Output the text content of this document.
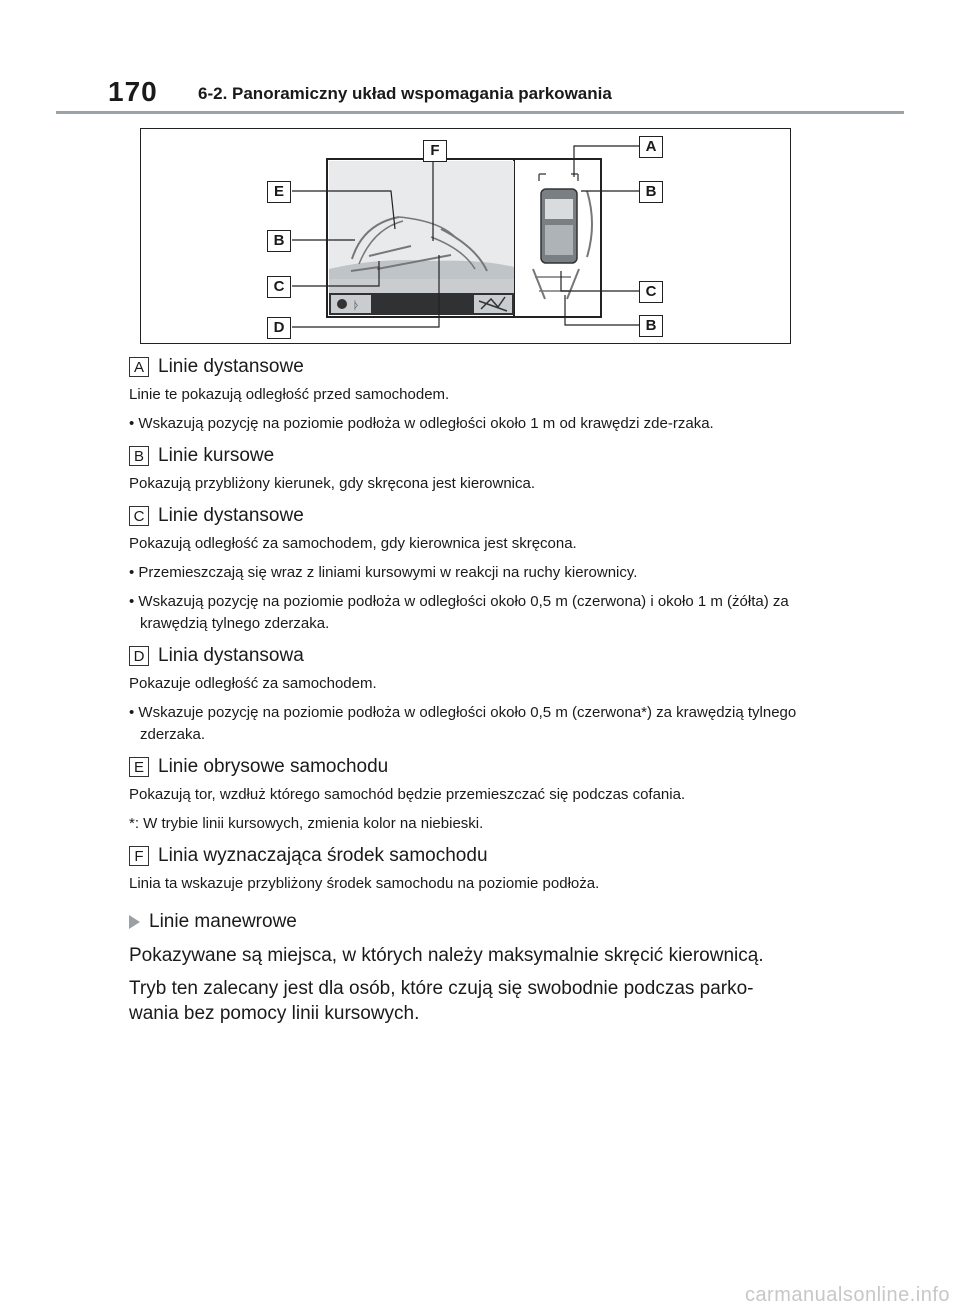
170 6-2. Panoramiczny układ wspomagania parkowania
ᚦ
F
E
B
C
D
A
B
C
B
A Linie dystansowe

Linie te pokazują odległość przed samochodem.

• Wskazują pozycję na poziomie podłoża w odległości około 1 m od krawędzi zde-rzaka.

B Linie kursowe

Pokazują przybliżony kierunek, gdy skręcona jest kierownica.

C Linie dystansowe

Pokazują odległość za samochodem, gdy kierownica jest skręcona.

• Przemieszczają się wraz z liniami kursowymi w reakcji na ruchy kierownicy.

• Wskazują pozycję na poziomie podłoża w odległości około 0,5 m (czerwona) i około 1 m (żółta) za krawędzią tylnego zderzaka.

D Linia dystansowa

Pokazuje odległość za samochodem.

• Wskazuje pozycję na poziomie podłoża w odległości około 0,5 m (czerwona*) za krawędzią tylnego zderzaka.

E Linie obrysowe samochodu

Pokazują tor, wzdłuż którego samochód będzie przemieszczać się podczas cofania.

*: W trybie linii kursowych, zmienia kolor na niebieski.

F Linia wyznaczająca środek samochodu

Linia ta wskazuje przybliżony środek samochodu na poziomie podłoża.

Linie manewrowe

Pokazywane są miejsca, w których należy maksymalnie skręcić kierownicą.

Tryb ten zalecany jest dla osób, które czują się swobodnie podczas parko-wania bez pomocy linii kursowych.

carmanualsonline.info
